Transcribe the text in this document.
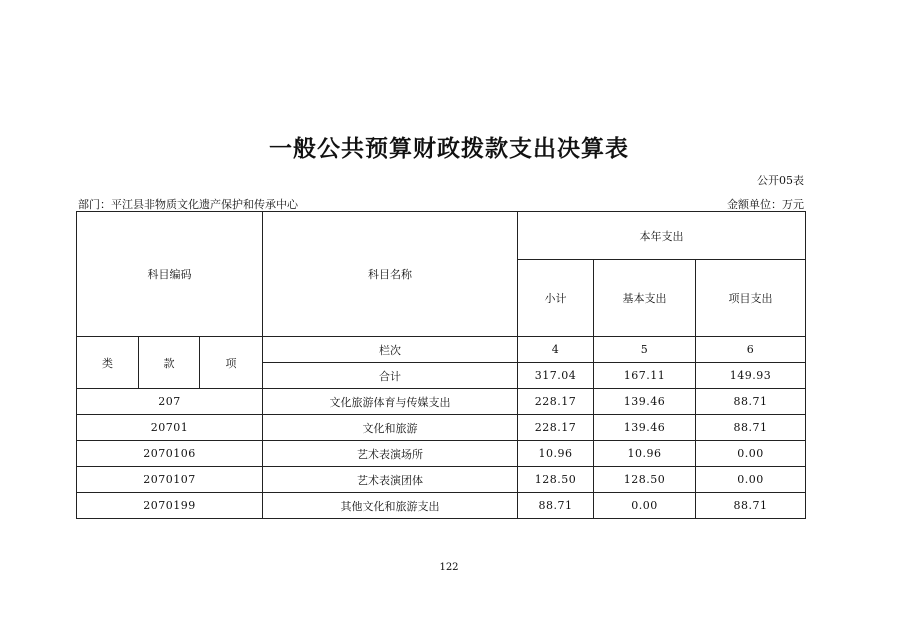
一般公共预算财政拨款支出决算表
公开05表
部门：平江县非物质文化遗产保护和传承中心	金额单位：万元
科目编码			科目名称	本年支出		
				小计	基本支出	项目支出
类	款	项	栏次	4	5	6
			合计	317.04	167.11	149.93
207			文化旅游体育与传媒支出	228.17	139.46	88.71
20701			文化和旅游	228.17	139.46	88.71
2070106			艺术表演场所	10.96	10.96	0.00
2070107			艺术表演团体	128.50	128.50	0.00
2070199			其他文化和旅游支出	88.71	0.00	88.71
122
